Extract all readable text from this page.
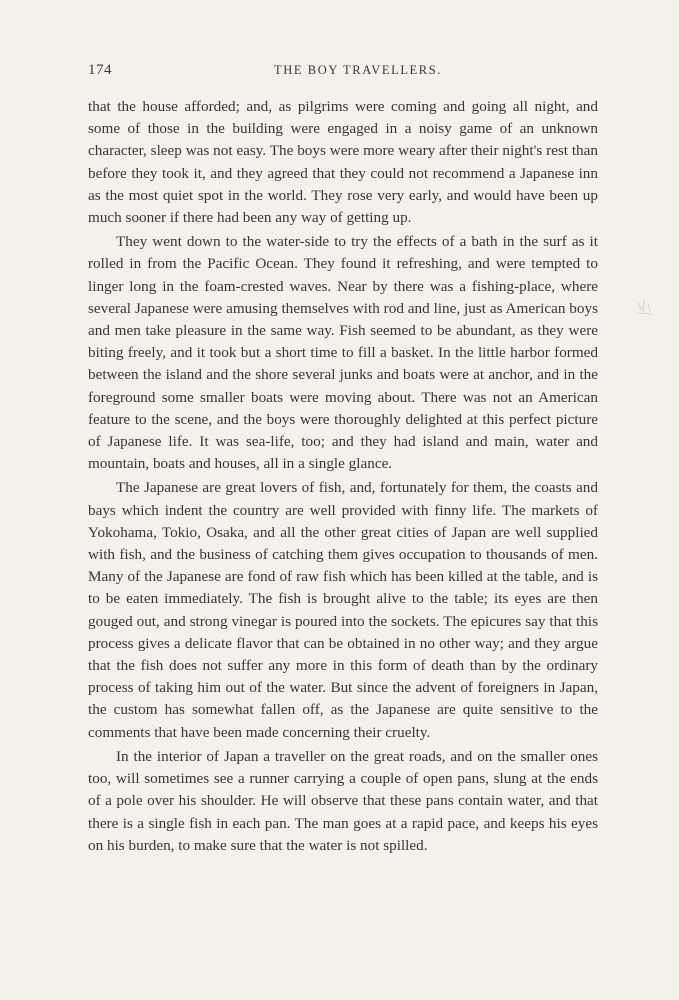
174	THE BOY TRAVELLERS.

that the house afforded; and, as pilgrims were coming and going all night, and some of those in the building were engaged in a noisy game of an unknown character, sleep was not easy. The boys were more weary after their night's rest than before they took it, and they agreed that they could not recommend a Japanese inn as the most quiet spot in the world. They rose very early, and would have been up much sooner if there had been any way of getting up.

They went down to the water-side to try the effects of a bath in the surf as it rolled in from the Pacific Ocean. They found it refreshing, and were tempted to linger long in the foam-crested waves. Near by there was a fishing-place, where several Japanese were amusing themselves with rod and line, just as American boys and men take pleasure in the same way. Fish seemed to be abundant, as they were biting freely, and it took but a short time to fill a basket. In the little harbor formed between the island and the shore several junks and boats were at anchor, and in the foreground some smaller boats were moving about. There was not an American feature to the scene, and the boys were thoroughly delighted at this perfect picture of Japanese life. It was sea-life, too; and they had island and main, water and mountain, boats and houses, all in a single glance.

The Japanese are great lovers of fish, and, fortunately for them, the coasts and bays which indent the country are well provided with finny life. The markets of Yokohama, Tokio, Osaka, and all the other great cities of Japan are well supplied with fish, and the business of catching them gives occupation to thousands of men. Many of the Japanese are fond of raw fish which has been killed at the table, and is to be eaten immediately. The fish is brought alive to the table; its eyes are then gouged out, and strong vinegar is poured into the sockets. The epicures say that this process gives a delicate flavor that can be obtained in no other way; and they argue that the fish does not suffer any more in this form of death than by the ordinary process of taking him out of the water. But since the advent of foreigners in Japan, the custom has somewhat fallen off, as the Japanese are quite sensitive to the comments that have been made concerning their cruelty.

In the interior of Japan a traveller on the great roads, and on the smaller ones too, will sometimes see a runner carrying a couple of open pans, slung at the ends of a pole over his shoulder. He will observe that these pans contain water, and that there is a single fish in each pan. The man goes at a rapid pace, and keeps his eyes on his burden, to make sure that the water is not spilled.
